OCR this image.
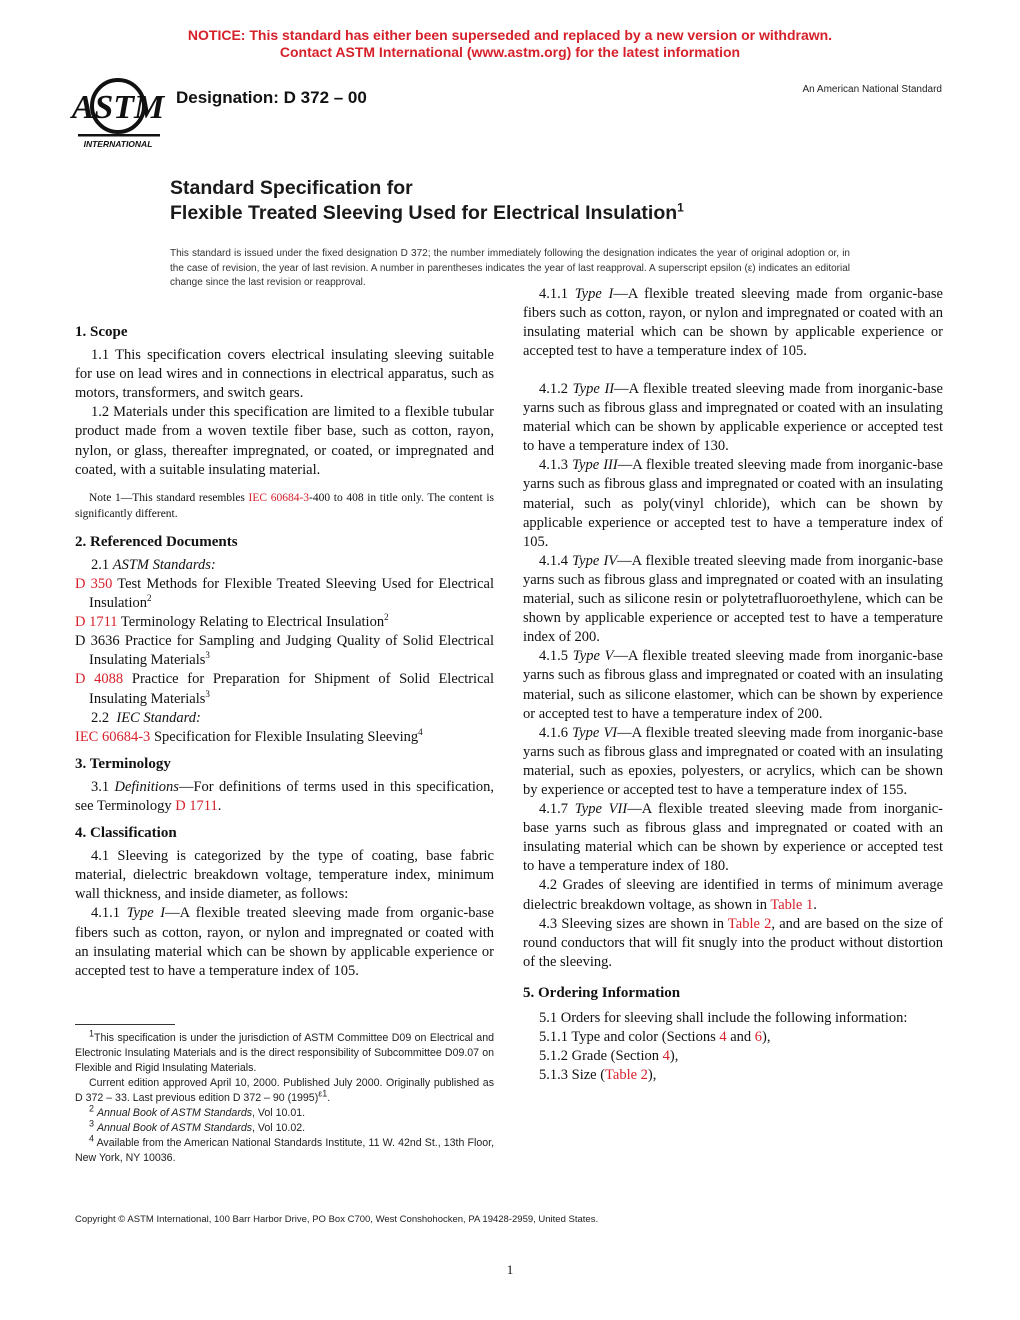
NOTICE: This standard has either been superseded and replaced by a new version or withdrawn.
Contact ASTM International (www.astm.org) for the latest information
ASTM
INTERNATIONAL
Designation: D 372 – 00	An American National Standard
Standard Specification for
Flexible Treated Sleeving Used for Electrical Insulation$^1$
This standard is issued under the fixed designation D 372; the number immediately following the designation indicates the year of original adoption or, in the case of revision, the year of last revision. A number in parentheses indicates the year of last reapproval. A superscript epsilon (ε) indicates an editorial change since the last revision or reapproval.

1. Scope

1.1 This specification covers electrical insulating sleeving suitable for use on lead wires and in connections in electrical apparatus, such as motors, transformers, and switch gears.

1.2 Materials under this specification are limited to a flexible tubular product made from a woven textile fiber base, such as cotton, rayon, nylon, or glass, thereafter impregnated, or coated, or impregnated and coated, with a suitable insulating material.

Note 1—This standard resembles IEC 60684-3-400 to 408 in title only. The content is significantly different.

2. Referenced Documents

2.1 ASTM Standards:

D 350 Test Methods for Flexible Treated Sleeving Used for Electrical Insulation$^2$

D 1711 Terminology Relating to Electrical Insulation$^2$

D 3636 Practice for Sampling and Judging Quality of Solid Electrical Insulating Materials$^3$

D 4088 Practice for Preparation for Shipment of Solid Electrical Insulating Materials$^3$

2.2 IEC Standard:

IEC 60684-3 Specification for Flexible Insulating Sleeving$^4$

3. Terminology

3.1 Definitions—For definitions of terms used in this specification, see Terminology D 1711.

4. Classification

4.1 Sleeving is categorized by the type of coating, base fabric material, dielectric breakdown voltage, temperature index, minimum wall thickness, and inside diameter, as follows:

4.1.1 Type I—A flexible treated sleeving made from organic-base fibers such as cotton, rayon, or nylon and impregnated or coated with an insulating material which can be shown by applicable experience or accepted test to have a temperature index of 105.

$^1$This specification is under the jurisdiction of ASTM Committee D09 on Electrical and Electronic Insulating Materials and is the direct responsibility of Subcommittee D09.07 on Flexible and Rigid Insulating Materials.

Current edition approved April 10, 2000. Published July 2000. Originally published as D 372 – 33. Last previous edition D 372 – 90 $(1995)^{\varepsilon 1}$.

$^2$ Annual Book of ASTM Standards, Vol 10.01.

$^3$ Annual Book of ASTM Standards, Vol 10.02.

$^4$ Available from the American National Standards Institute, 11 W. 42nd St., 13th Floor, New York, NY 10036.

4.1.1 Type I—A flexible treated sleeving made from organic-base fibers such as cotton, rayon, or nylon and impregnated or coated with an insulating material which can be shown by applicable experience or accepted test to have a temperature index of 105.

4.1.2 Type II—A flexible treated sleeving made from inorganic-base yarns such as fibrous glass and impregnated or coated with an insulating material which can be shown by applicable experience or accepted test to have a temperature index of 130.

4.1.3 Type III—A flexible treated sleeving made from inorganic-base yarns such as fibrous glass and impregnated or coated with an insulating material, such as poly(vinyl chloride), which can be shown by applicable experience or accepted test to have a temperature index of 105.

4.1.4 Type IV—A flexible treated sleeving made from inorganic-base yarns such as fibrous glass and impregnated or coated with an insulating material, such as silicone resin or polytetrafluoroethylene, which can be shown by applicable experience or accepted test to have a temperature index of 200.

4.1.5 Type V—A flexible treated sleeving made from inorganic-base yarns such as fibrous glass and impregnated or coated with an insulating material, such as silicone elastomer, which can be shown by experience or accepted test to have a temperature index of 200.

4.1.6 Type VI—A flexible treated sleeving made from inorganic-base yarns such as fibrous glass and impregnated or coated with an insulating material, such as epoxies, polyesters, or acrylics, which can be shown by experience or accepted test to have a temperature index of 155.

4.1.7 Type VII—A flexible treated sleeving made from inorganic-base yarns such as fibrous glass and impregnated or coated with an insulating material which can be shown by experience or accepted test to have a temperature index of 180.

4.2 Grades of sleeving are identified in terms of minimum average dielectric breakdown voltage, as shown in Table 1.

4.3 Sleeving sizes are shown in Table 2, and are based on the size of round conductors that will fit snugly into the product without distortion of the sleeving.

5. Ordering Information

5.1 Orders for sleeving shall include the following information:

5.1.1 Type and color (Sections 4 and 6),

5.1.2 Grade (Section 4),

5.1.3 Size (Table 2),

Copyright © ASTM International, 100 Barr Harbor Drive, PO Box C700, West Conshohocken, PA 19428-2959, United States.
1
